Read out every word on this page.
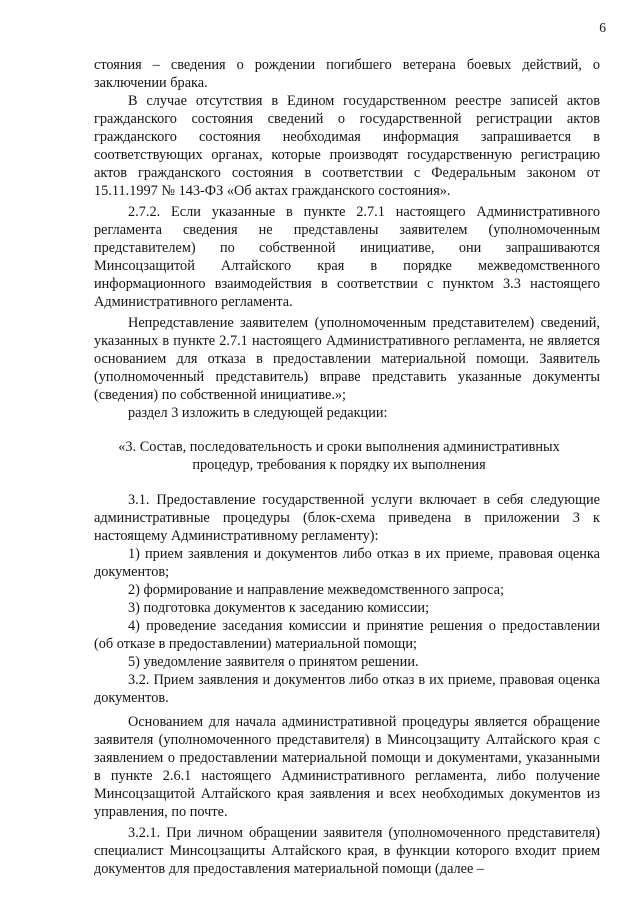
6

стояния – сведения о рождении погибшего ветерана боевых действий, о заключении брака.

В случае отсутствия в Едином государственном реестре записей актов гражданского состояния сведений о государственной регистрации актов гражданского состояния необходимая информация запрашивается в соответствующих органах, которые производят государственную регистрацию актов гражданского состояния в соответствии с Федеральным законом от 15.11.1997 № 143-ФЗ «Об актах гражданского состояния».

2.7.2. Если указанные в пункте 2.7.1 настоящего Административного регламента сведения не представлены заявителем (уполномоченным представителем) по собственной инициативе, они запрашиваются Минсоцзащитой Алтайского края в порядке межведомственного информационного взаимодействия в соответствии с пунктом 3.3 настоящего Административного регламента.

Непредставление заявителем (уполномоченным представителем) сведений, указанных в пункте 2.7.1 настоящего Административного регламента, не является основанием для отказа в предоставлении материальной помощи. Заявитель (уполномоченный представитель) вправе представить указанные документы (сведения) по собственной инициативе.»;

раздел 3 изложить в следующей редакции:

«3. Состав, последовательность и сроки выполнения административных процедур, требования к порядку их выполнения

3.1. Предоставление государственной услуги включает в себя следующие административные процедуры (блок-схема приведена в приложении 3 к настоящему Административному регламенту):

1) прием заявления и документов либо отказ в их приеме, правовая оценка документов;

2) формирование и направление межведомственного запроса;

3) подготовка документов к заседанию комиссии;

4) проведение заседания комиссии и принятие решения о предоставлении (об отказе в предоставлении) материальной помощи;

5) уведомление заявителя о принятом решении.

3.2. Прием заявления и документов либо отказ в их приеме, правовая оценка документов.

Основанием для начала административной процедуры является обращение заявителя (уполномоченного представителя) в Минсоцзащиту Алтайского края с заявлением о предоставлении материальной помощи и документами, указанными в пункте 2.6.1 настоящего Административного регламента, либо получение Минсоцзащитой Алтайского края заявления и всех необходимых документов из управления, по почте.

3.2.1. При личном обращении заявителя (уполномоченного представителя) специалист Минсоцзащиты Алтайского края, в функции которого входит прием документов для предоставления материальной помощи (далее –
